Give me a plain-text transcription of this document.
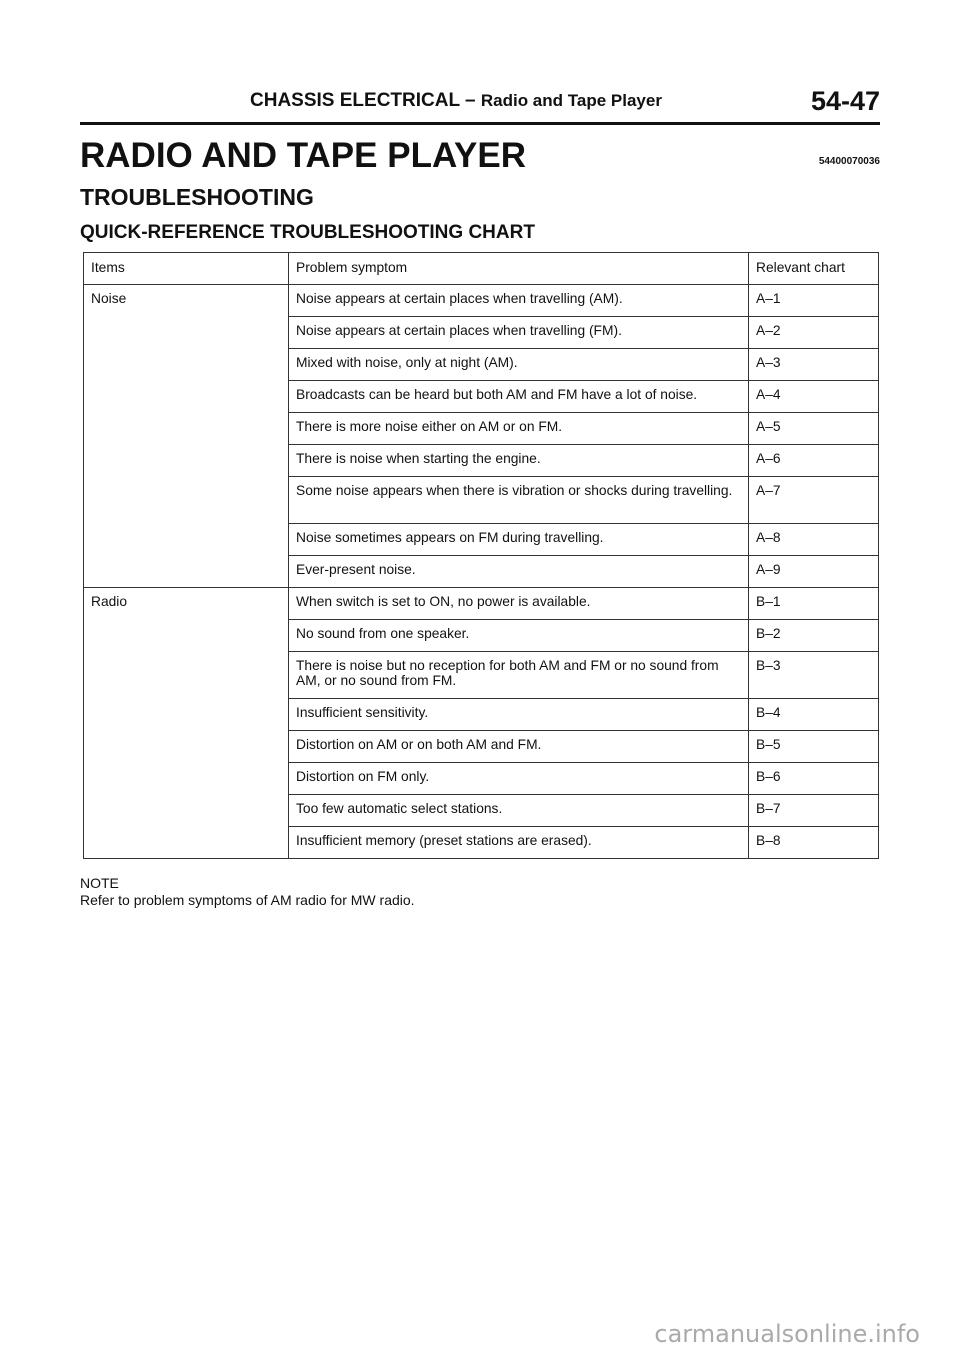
CHASSIS ELECTRICAL – Radio and Tape Player	54-47
RADIO AND TAPE PLAYER	54400070036
TROUBLESHOOTING
QUICK-REFERENCE TROUBLESHOOTING CHART
Items	Problem symptom	Relevant chart
Noise	Noise appears at certain places when travelling (AM).	A–1
	Noise appears at certain places when travelling (FM).	A–2
	Mixed with noise, only at night (AM).	A–3
	Broadcasts can be heard but both AM and FM have a lot of noise.	A–4
	There is more noise either on AM or on FM.	A–5
	There is noise when starting the engine.	A–6
	Some noise appears when there is vibration or shocks during travelling.	A–7
	Noise sometimes appears on FM during travelling.	A–8
	Ever-present noise.	A–9
Radio	When switch is set to ON, no power is available.	B–1
	No sound from one speaker.	B–2
	There is noise but no reception for both AM and FM or no sound from AM, or no sound from FM.	B–3
	Insufficient sensitivity.	B–4
	Distortion on AM or on both AM and FM.	B–5
	Distortion on FM only.	B–6
	Too few automatic select stations.	B–7
	Insufficient memory (preset stations are erased).	B–8
NOTE
Refer to problem symptoms of AM radio for MW radio.
carmanualsonline.info
